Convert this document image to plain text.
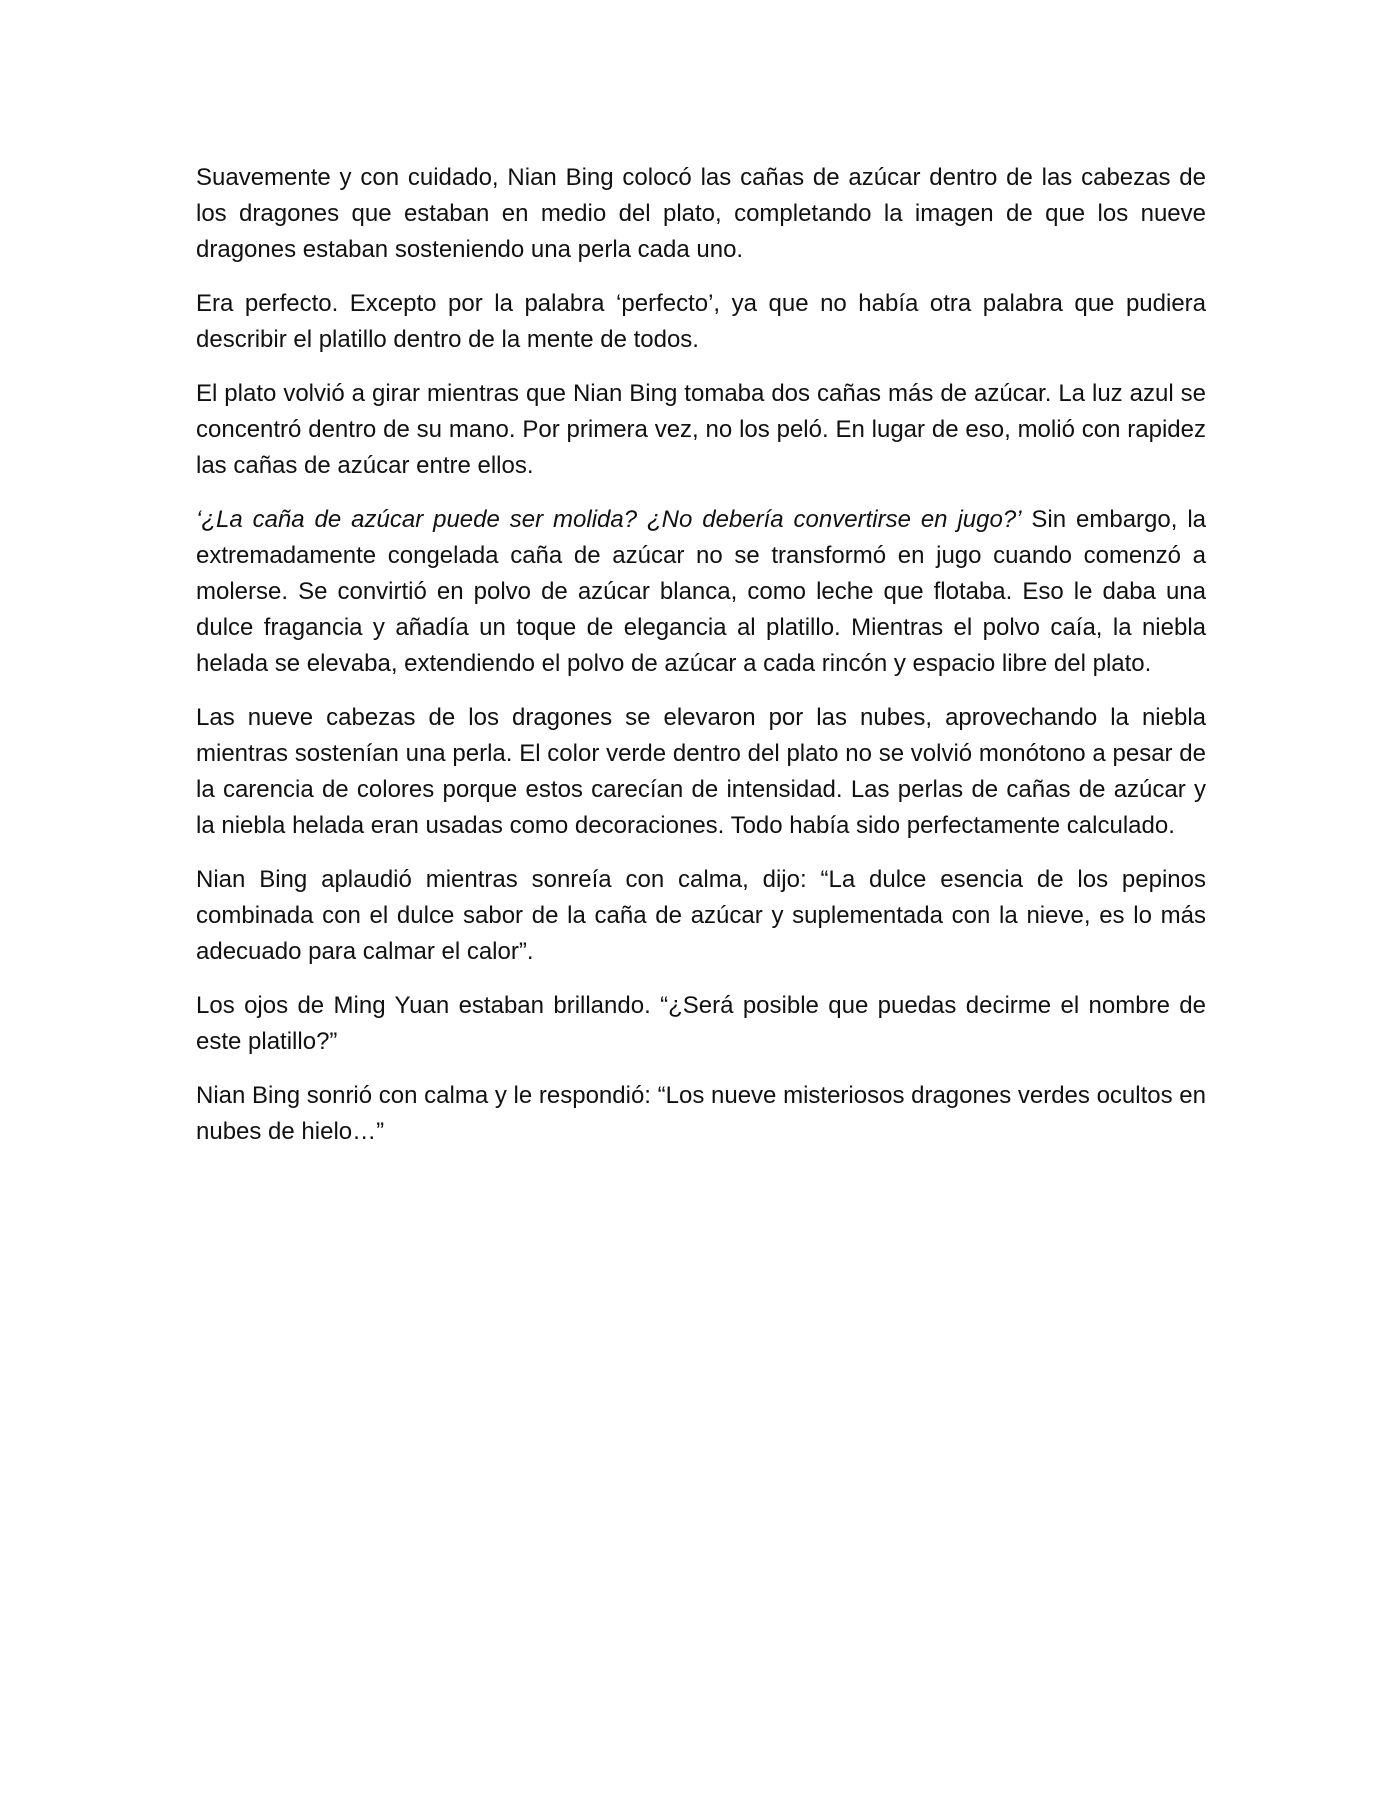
Suavemente y con cuidado, Nian Bing colocó las cañas de azúcar dentro de las cabezas de los dragones que estaban en medio del plato, completando la imagen de que los nueve dragones estaban sosteniendo una perla cada uno.

Era perfecto. Excepto por la palabra ‘perfecto’, ya que no había otra palabra que pudiera describir el platillo dentro de la mente de todos.

El plato volvió a girar mientras que Nian Bing tomaba dos cañas más de azúcar. La luz azul se concentró dentro de su mano. Por primera vez, no los peló. En lugar de eso, molió con rapidez las cañas de azúcar entre ellos.

‘¿La caña de azúcar puede ser molida? ¿No debería convertirse en jugo?’ Sin embargo, la extremadamente congelada caña de azúcar no se transformó en jugo cuando comenzó a molerse. Se convirtió en polvo de azúcar blanca, como leche que flotaba. Eso le daba una dulce fragancia y añadía un toque de elegancia al platillo. Mientras el polvo caía, la niebla helada se elevaba, extendiendo el polvo de azúcar a cada rincón y espacio libre del plato.

Las nueve cabezas de los dragones se elevaron por las nubes, aprovechando la niebla mientras sostenían una perla. El color verde dentro del plato no se volvió monótono a pesar de la carencia de colores porque estos carecían de intensidad. Las perlas de cañas de azúcar y la niebla helada eran usadas como decoraciones. Todo había sido perfectamente calculado.

Nian Bing aplaudió mientras sonreía con calma, dijo: “La dulce esencia de los pepinos combinada con el dulce sabor de la caña de azúcar y suplementada con la nieve, es lo más adecuado para calmar el calor”.

Los ojos de Ming Yuan estaban brillando. “¿Será posible que puedas decirme el nombre de este platillo?”

Nian Bing sonrió con calma y le respondió: “Los nueve misteriosos dragones verdes ocultos en nubes de hielo…”
